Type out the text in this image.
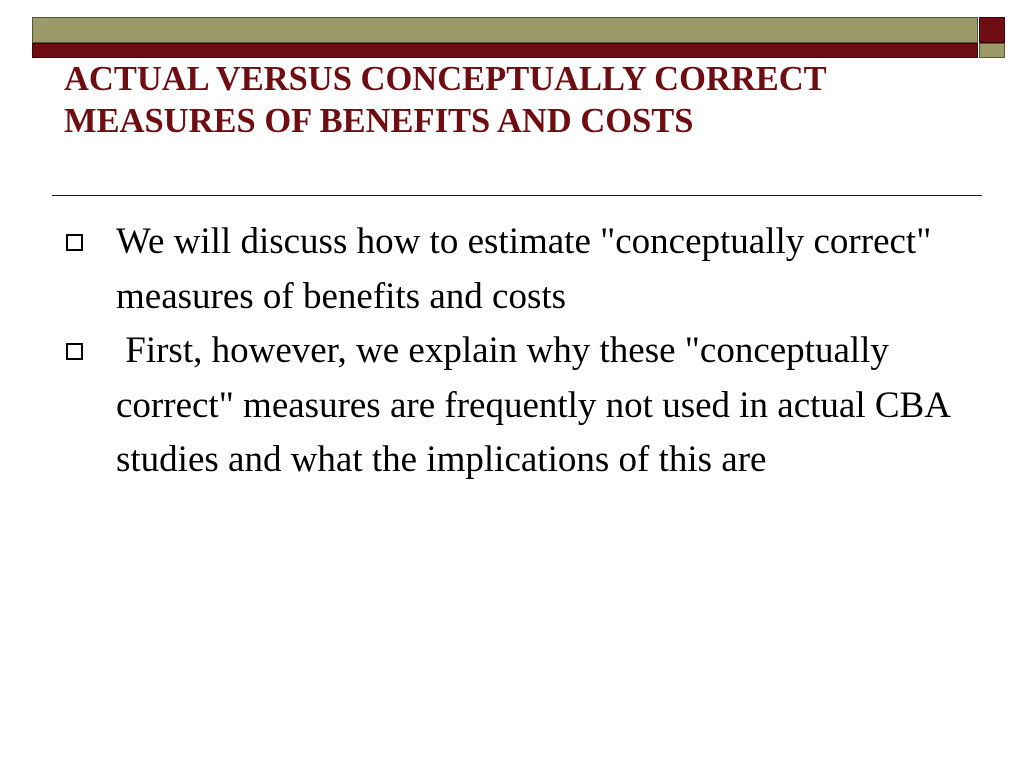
ACTUAL VERSUS CONCEPTUALLY CORRECT MEASURES OF BENEFITS AND COSTS
We will discuss how to estimate "conceptually correct" measures of benefits and costs
First, however, we explain why these "conceptually correct" measures are frequently not used in actual CBA studies and what the implications of this are
